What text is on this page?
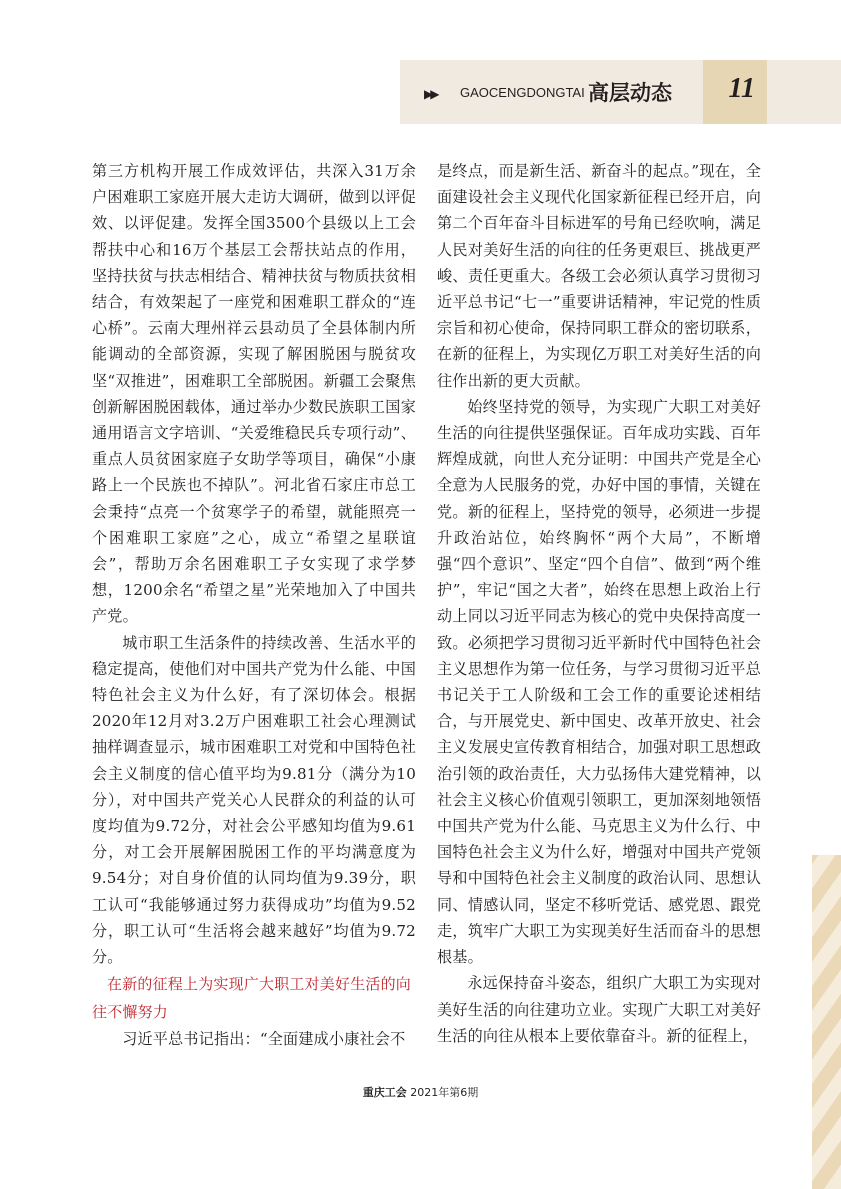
▶▶ GAOCENGDONGTAI 高层动态	11

第三方机构开展工作成效评估，共深入31万余户困难职工家庭开展大走访大调研，做到以评促效、以评促建。发挥全国3500个县级以上工会帮扶中心和16万个基层工会帮扶站点的作用，坚持扶贫与扶志相结合、精神扶贫与物质扶贫相结合，有效架起了一座党和困难职工群众的“连心桥”。云南大理州祥云县动员了全县体制内所能调动的全部资源，实现了解困脱困与脱贫攻坚“双推进”，困难职工全部脱困。新疆工会聚焦创新解困脱困载体，通过举办少数民族职工国家通用语言文字培训、“关爱维稳民兵专项行动”、重点人员贫困家庭子女助学等项目，确保“小康路上一个民族也不掉队”。河北省石家庄市总工会秉持“点亮一个贫寒学子的希望，就能照亮一个困难职工家庭”之心，成立“希望之星联谊会”，帮助万余名困难职工子女实现了求学梦想，1200余名“希望之星”光荣地加入了中国共产党。

城市职工生活条件的持续改善、生活水平的稳定提高，使他们对中国共产党为什么能、中国特色社会主义为什么好，有了深切体会。根据2020年12月对3.2万户困难职工社会心理测试抽样调查显示，城市困难职工对党和中国特色社会主义制度的信心值平均为9.81分（满分为10分），对中国共产党关心人民群众的利益的认可度均值为9.72分，对社会公平感知均值为9.61分，对工会开展解困脱困工作的平均满意度为9.54分；对自身价值的认同均值为9.39分，职工认可“我能够通过努力获得成功”均值为9.52分，职工认可“生活将会越来越好”均值为9.72分。

在新的征程上为实现广大职工对美好生活的向往不懈努力

习近平总书记指出：“全面建成小康社会不

是终点，而是新生活、新奋斗的起点。”现在，全面建设社会主义现代化国家新征程已经开启，向第二个百年奋斗目标进军的号角已经吹响，满足人民对美好生活的向往的任务更艰巨、挑战更严峻、责任更重大。各级工会必须认真学习贯彻习近平总书记“七一”重要讲话精神，牢记党的性质宗旨和初心使命，保持同职工群众的密切联系，在新的征程上，为实现亿万职工对美好生活的向往作出新的更大贡献。

始终坚持党的领导，为实现广大职工对美好生活的向往提供坚强保证。百年成功实践、百年辉煌成就，向世人充分证明：中国共产党是全心全意为人民服务的党，办好中国的事情，关键在党。新的征程上，坚持党的领导，必须进一步提升政治站位，始终胸怀“两个大局”，不断增强“四个意识”、坚定“四个自信”、做到“两个维护”，牢记“国之大者”，始终在思想上政治上行动上同以习近平同志为核心的党中央保持高度一致。必须把学习贯彻习近平新时代中国特色社会主义思想作为第一位任务，与学习贯彻习近平总书记关于工人阶级和工会工作的重要论述相结合，与开展党史、新中国史、改革开放史、社会主义发展史宣传教育相结合，加强对职工思想政治引领的政治责任，大力弘扬伟大建党精神，以社会主义核心价值观引领职工，更加深刻地领悟中国共产党为什么能、马克思主义为什么行、中国特色社会主义为什么好，增强对中国共产党领导和中国特色社会主义制度的政治认同、思想认同、情感认同，坚定不移听党话、感党恩、跟党走，筑牢广大职工为实现美好生活而奋斗的思想根基。

永远保持奋斗姿态，组织广大职工为实现对美好生活的向往建功立业。实现广大职工对美好生活的向往从根本上要依靠奋斗。新的征程上，

重庆工会 2021年第6期
